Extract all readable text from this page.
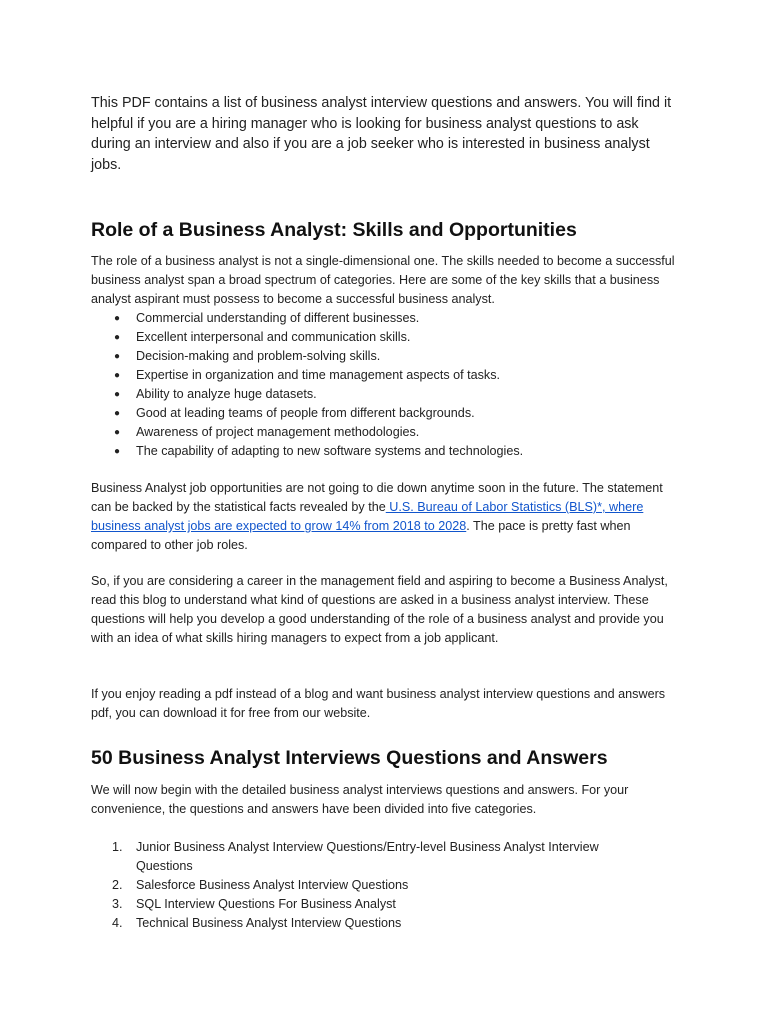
This PDF contains a list of business analyst interview questions and answers. You will find it helpful if you are a hiring manager who is looking for business analyst questions to ask during an interview and also if you are a job seeker who is interested in business analyst jobs.

Role of a Business Analyst: Skills and Opportunities

The role of a business analyst is not a single-dimensional one. The skills needed to become a successful business analyst span a broad spectrum of categories. Here are some of the key skills that a business analyst aspirant must possess to become a successful business analyst.

● Commercial understanding of different businesses.
● Excellent interpersonal and communication skills.
● Decision-making and problem-solving skills.
● Expertise in organization and time management aspects of tasks.
● Ability to analyze huge datasets.
● Good at leading teams of people from different backgrounds.
● Awareness of project management methodologies.
● The capability of adapting to new software systems and technologies.

Business Analyst job opportunities are not going to die down anytime soon in the future. The statement can be backed by the statistical facts revealed by the U.S. Bureau of Labor Statistics (BLS)*, where business analyst jobs are expected to grow 14% from 2018 to 2028. The pace is pretty fast when compared to other job roles.

So, if you are considering a career in the management field and aspiring to become a Business Analyst, read this blog to understand what kind of questions are asked in a business analyst interview. These questions will help you develop a good understanding of the role of a business analyst and provide you with an idea of what skills hiring managers to expect from a job applicant.

If you enjoy reading a pdf instead of a blog and want business analyst interview questions and answers pdf, you can download it for free from our website.

50 Business Analyst Interviews Questions and Answers

We will now begin with the detailed business analyst interviews questions and answers. For your convenience, the questions and answers have been divided into five categories.

1. Junior Business Analyst Interview Questions/Entry-level Business Analyst Interview Questions
2. Salesforce Business Analyst Interview Questions
3. SQL Interview Questions For Business Analyst
4. Technical Business Analyst Interview Questions
